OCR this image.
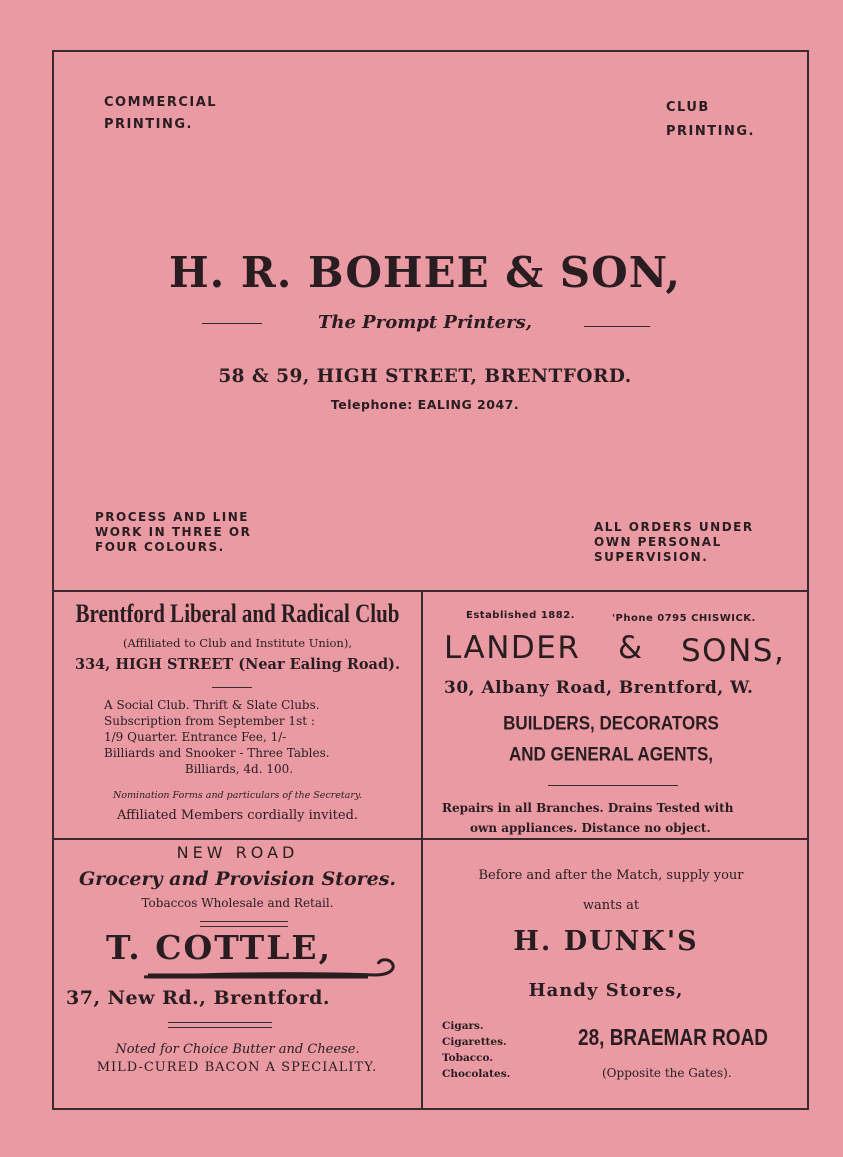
COMMERCIAL
PRINTING.
CLUB
PRINTING.
H. R. BOHEE & SON,
The Prompt Printers,
58 & 59, HIGH STREET, BRENTFORD.
Telephone: EALING 2047.
PROCESS AND LINE
WORK IN THREE OR
FOUR COLOURS.
ALL ORDERS UNDER
OWN PERSONAL
SUPERVISION.
Brentford Liberal and Radical Club
(Affiliated to Club and Institute Union),
334, HIGH STREET (Near Ealing Road).
A Social Club. Thrift & Slate Clubs.
Subscription from September 1st :
1/9 Quarter. Entrance Fee, 1/-
Billiards and Snooker - Three Tables.
Billiards, 4d. 100.
Nomination Forms and particulars of the Secretary.
Affiliated Members cordially invited.
Established 1882.	'Phone 0795 CHISWICK.
LANDER & SONS,
30, Albany Road, Brentford, W.
BUILDERS, DECORATORS
AND GENERAL AGENTS,
Repairs in all Branches. Drains Tested with
own appliances. Distance no object.
NEW ROAD
Grocery and Provision Stores.
Tobaccos Wholesale and Retail.
T. COTTLE,
37, New Rd., Brentford.
Noted for Choice Butter and Cheese.
MILD-CURED BACON A SPECIALITY.
Before and after the Match, supply your
wants at
H. DUNK'S
Handy Stores,
Cigars.
Cigarettes.
Tobacco.
Chocolates.
28, BRAEMAR ROAD
(Opposite the Gates).
